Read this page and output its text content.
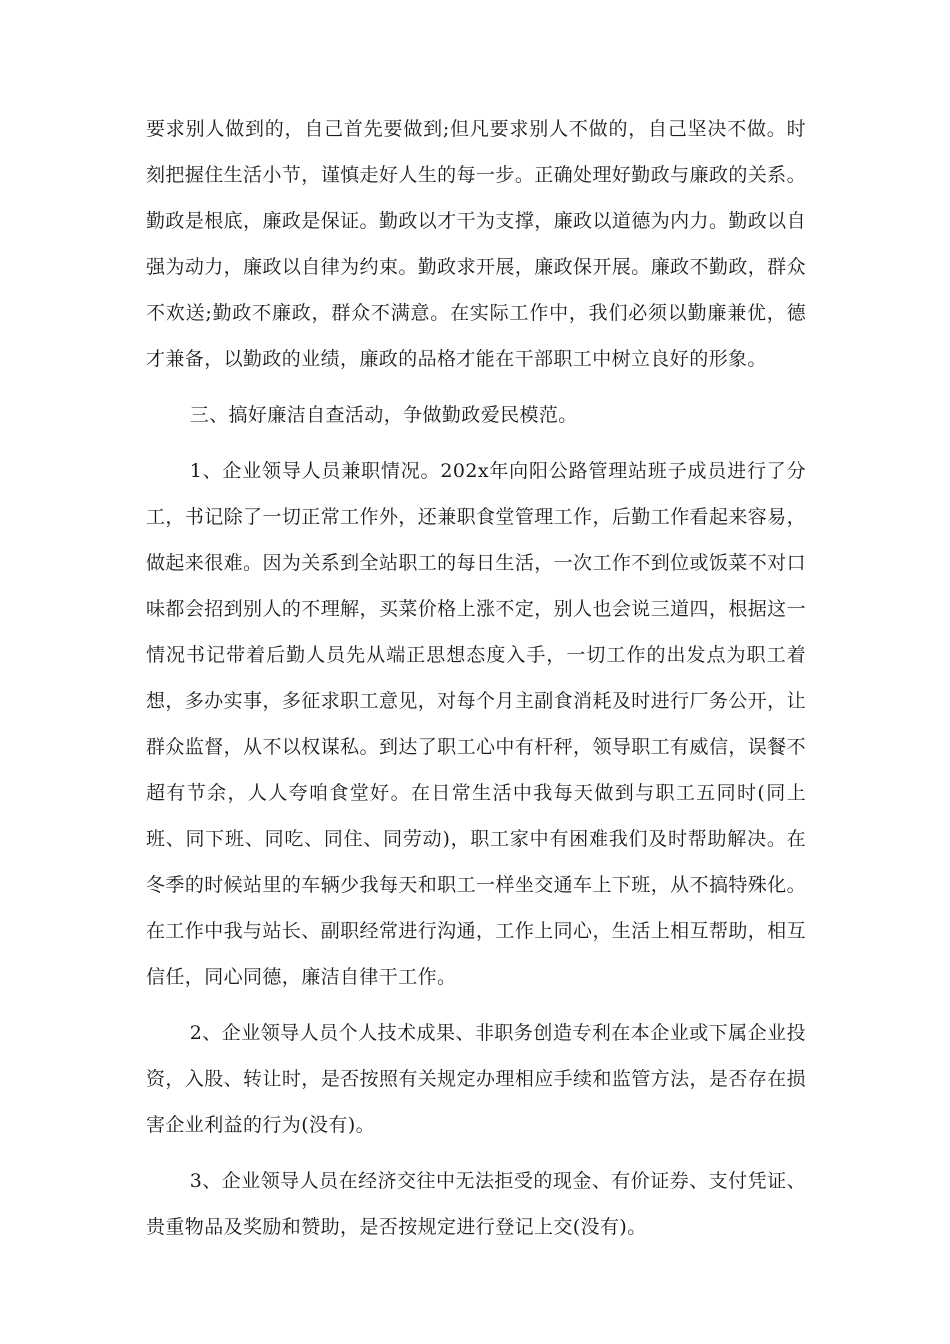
要求别人做到的，自己首先要做到;但凡要求别人不做的，自己坚决不做。时刻把握住生活小节，谨慎走好人生的每一步。正确处理好勤政与廉政的关系。勤政是根底，廉政是保证。勤政以才干为支撑，廉政以道德为内力。勤政以自强为动力，廉政以自律为约束。勤政求开展，廉政保开展。廉政不勤政，群众不欢送;勤政不廉政，群众不满意。在实际工作中，我们必须以勤廉兼优，德才兼备，以勤政的业绩，廉政的品格才能在干部职工中树立良好的形象。

三、搞好廉洁自查活动，争做勤政爱民模范。

1、企业领导人员兼职情况。202x年向阳公路管理站班子成员进行了分工，书记除了一切正常工作外，还兼职食堂管理工作，后勤工作看起来容易，做起来很难。因为关系到全站职工的每日生活，一次工作不到位或饭菜不对口味都会招到别人的不理解，买菜价格上涨不定，别人也会说三道四，根据这一情况书记带着后勤人员先从端正思想态度入手，一切工作的出发点为职工着想，多办实事，多征求职工意见，对每个月主副食消耗及时进行厂务公开，让群众监督，从不以权谋私。到达了职工心中有杆秤，领导职工有威信，误餐不超有节余，人人夸咱食堂好。在日常生活中我每天做到与职工五同时(同上班、同下班、同吃、同住、同劳动)，职工家中有困难我们及时帮助解决。在冬季的时候站里的车辆少我每天和职工一样坐交通车上下班，从不搞特殊化。在工作中我与站长、副职经常进行沟通，工作上同心，生活上相互帮助，相互信任，同心同德，廉洁自律干工作。

2、企业领导人员个人技术成果、非职务创造专利在本企业或下属企业投资，入股、转让时，是否按照有关规定办理相应手续和监管方法，是否存在损害企业利益的行为(没有)。

3、企业领导人员在经济交往中无法拒受的现金、有价证券、支付凭证、贵重物品及奖励和赞助，是否按规定进行登记上交(没有)。
